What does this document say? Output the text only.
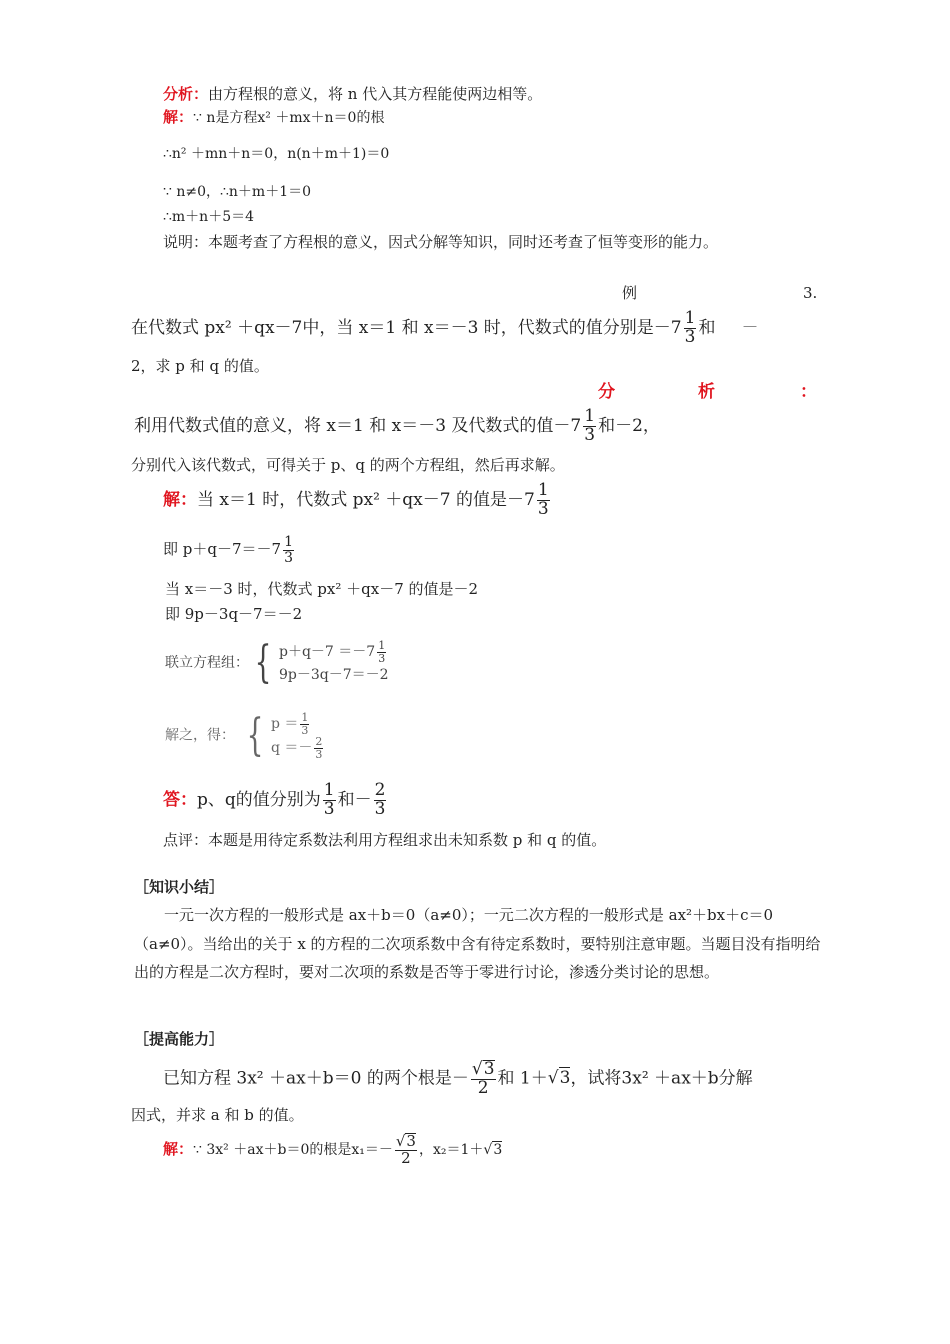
分析：由方程根的意义，将 n 代入其方程能使两边相等。
解：∵ n是方程x² ＋mx＋n＝0的根
∴n² ＋mn＋n＝0，n(n＋m＋1)＝0
∵ n≠0，∴n＋m＋1＝0
∴m＋n＋5＝4
说明：本题考查了方程根的意义，因式分解等知识，同时还考查了恒等变形的能力。
例	3.
在代数式 px² ＋qx－7中，当 x＝1 和 x＝－3 时，代数式的值分别是$-7 \frac{1}{3}$ 和 －
2，求 p 和 q 的值。
分	析	：
利用代数式值的意义，将 x＝1 和 x＝－3 及代数式的值$-7 \frac{1}{3}$ 和－2，
分别代入该代数式，可得关于 p、q 的两个方程组，然后再求解。
解：当 x＝1 时，代数式 px² ＋qx－7 的值是$-7 \frac{1}{3}$
即 $p+q-7=-7 \frac{1}{3}$
当 x＝－3 时，代数式 px² ＋qx－7 的值是－2
即 9p－3q－7＝－2
联立方程组： { $p+q-7 =-7 \frac{1}{3}$
9p－3q－7＝－2
解之，得： { $p = \frac{1}{3}$
$q =- \frac{2}{3}$
答：p、q的值分别为 $\frac{1}{3}$ 和－ $\frac{2}{3}$
点评：本题是用待定系数法利用方程组求出未知系数 p 和 q 的值。
［知识小结］
一元一次方程的一般形式是 ax＋b＝0（a≠0）；一元二次方程的一般形式是 ax²＋bx＋c＝0（a≠0）。当给出的关于 x 的方程的二次项系数中含有待定系数时，要特别注意审题。当题目没有指明给出的方程是二次方程时，要对二次项的系数是否等于零进行讨论，渗透分类讨论的思想。
［提高能力］
已知方程 3x² ＋ax＋b＝0 的两个根是－ $\frac{√3}{2}$ 和 1＋√3，试将3x² ＋ax＋b分解
因式，并求 a 和 b 的值。
解：∵ 3x² ＋ax＋b＝0的根是$x_1=- \frac{√3}{2}$ ，x₂＝1＋√3
